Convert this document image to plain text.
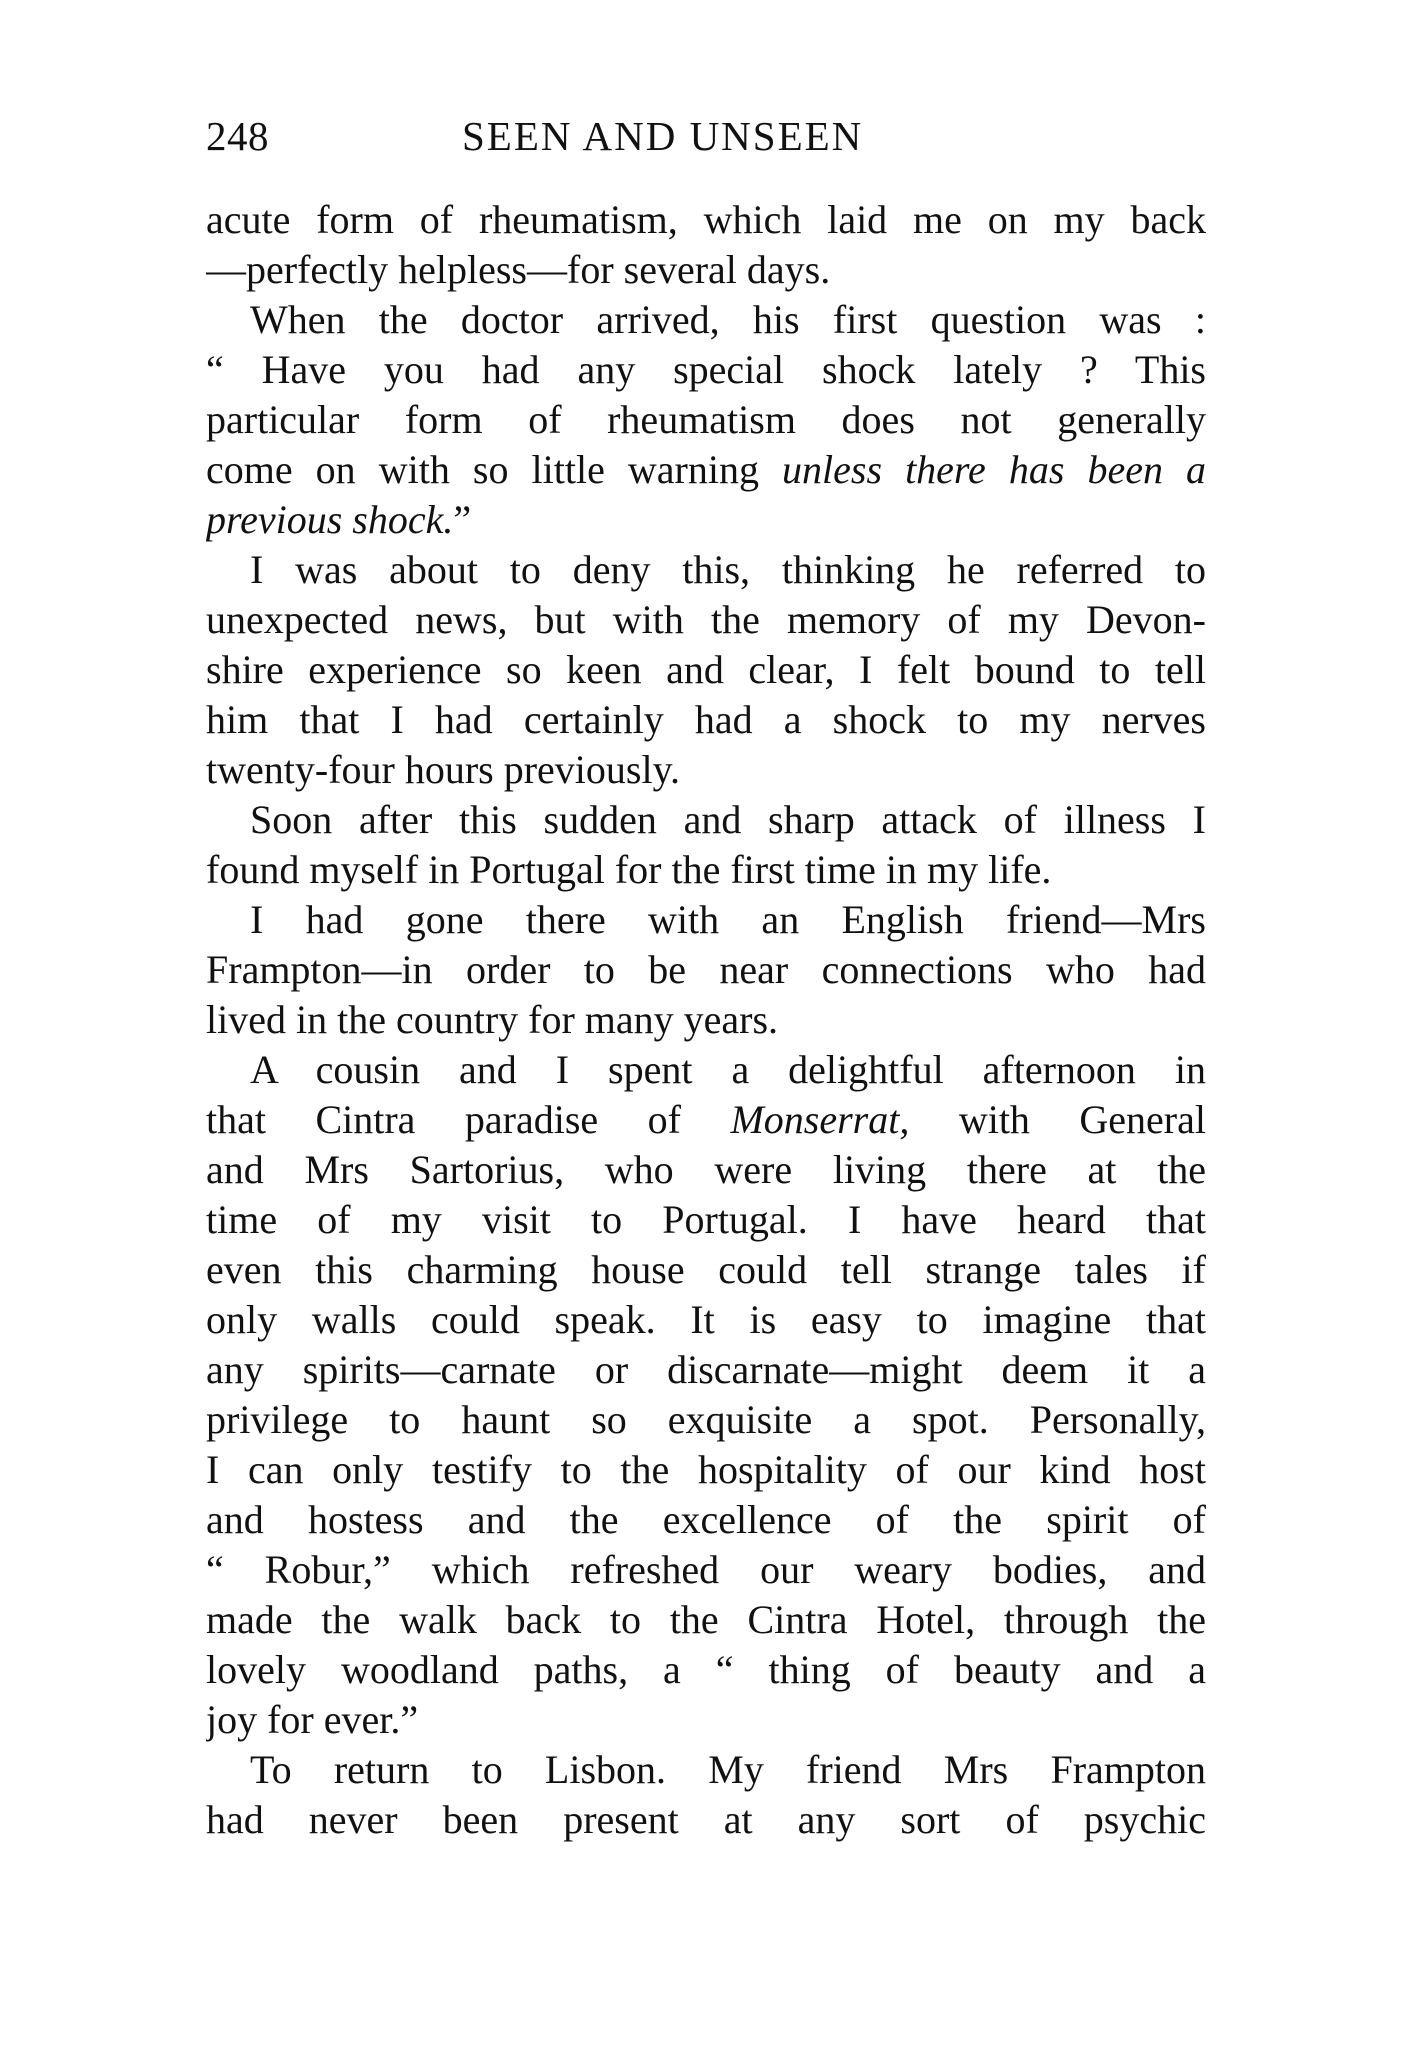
248	SEEN AND UNSEEN
acute form of rheumatism, which laid me on my back
—perfectly helpless—for several days.
When the doctor arrived, his first question was :
“ Have you had any special shock lately ? This
particular form of rheumatism does not generally
come on with so little warning unless there has been a
previous shock.”
I was about to deny this, thinking he referred to
unexpected news, but with the memory of my Devon-
shire experience so keen and clear, I felt bound to tell
him that I had certainly had a shock to my nerves
twenty-four hours previously.
Soon after this sudden and sharp attack of illness I
found myself in Portugal for the first time in my life.
I had gone there with an English friend—Mrs
Frampton—in order to be near connections who had
lived in the country for many years.
A cousin and I spent a delightful afternoon in
that Cintra paradise of Monserrat, with General
and Mrs Sartorius, who were living there at the
time of my visit to Portugal. I have heard that
even this charming house could tell strange tales if
only walls could speak. It is easy to imagine that
any spirits—carnate or discarnate—might deem it a
privilege to haunt so exquisite a spot. Personally,
I can only testify to the hospitality of our kind host
and hostess and the excellence of the spirit of
“ Robur,” which refreshed our weary bodies, and
made the walk back to the Cintra Hotel, through the
lovely woodland paths, a “ thing of beauty and a
joy for ever.”
To return to Lisbon. My friend Mrs Frampton
had never been present at any sort of psychic
